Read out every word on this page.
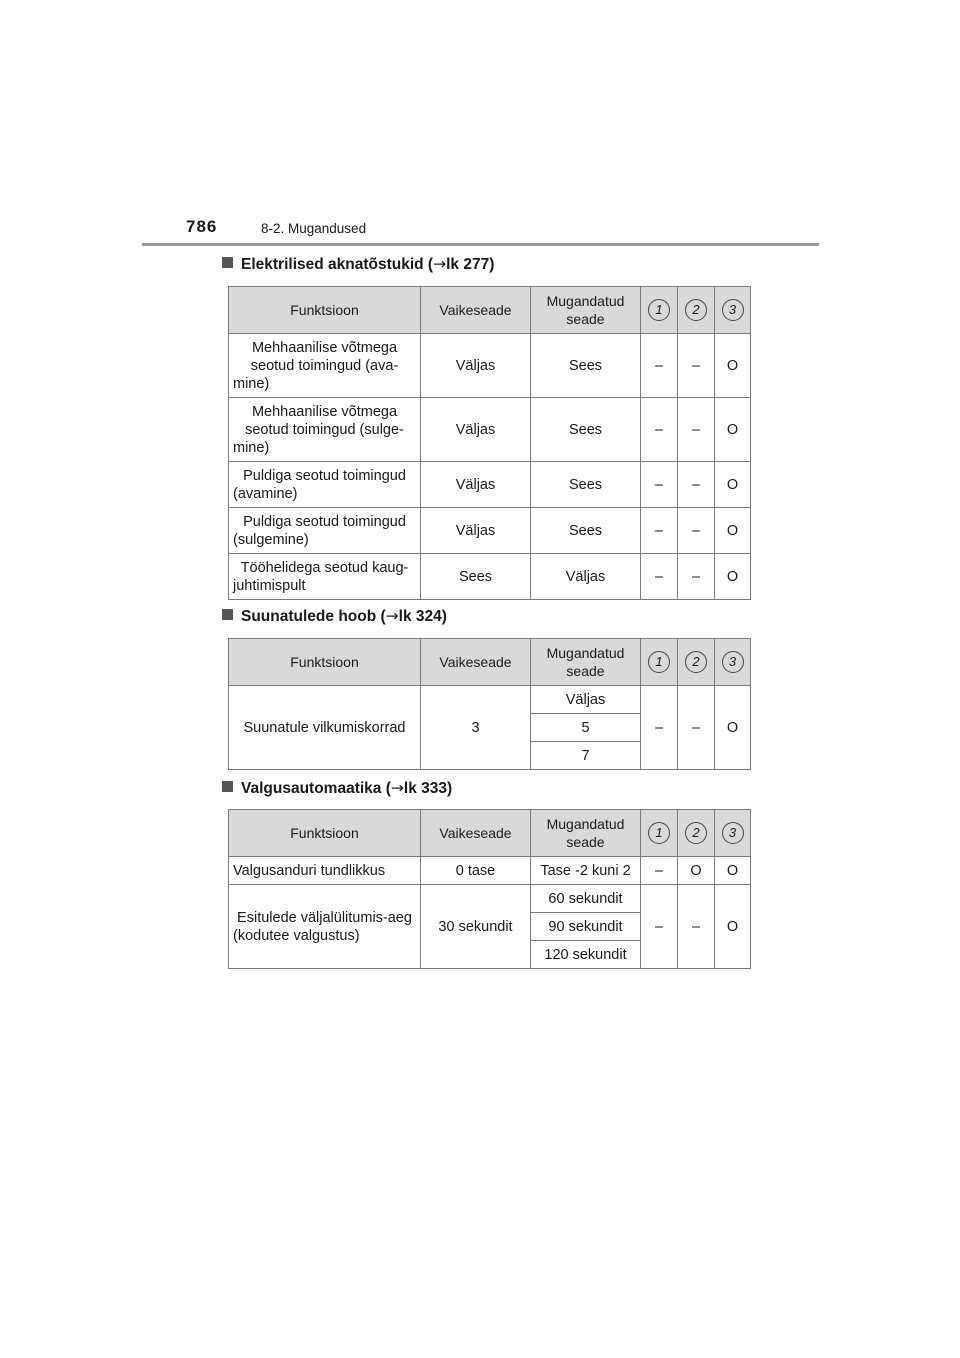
786	8-2. Mugandused
Elektrilised aknatõstukid (→lk 277)
Funktsioon	Vaikeseade	Mugandatud seade	1	2	3
Mehhaanilise võtmega seotud toimingud (ava-mine)	Väljas	Sees	–	–	O
Mehhaanilise võtmega seotud toimingud (sulge-mine)	Väljas	Sees	–	–	O
Puldiga seotud toimingud (avamine)	Väljas	Sees	–	–	O
Puldiga seotud toimingud (sulgemine)	Väljas	Sees	–	–	O
Tööhelidega seotud kaug-juhtimispult	Sees	Väljas	–	–	O
Suunatulede hoob (→lk 324)
Funktsioon	Vaikeseade	Mugandatud seade	1	2	3
Suunatule vilkumiskorrad	3	Väljas	–	–	O
		5			
		7			
Valgusautomaatika (→lk 333)
Funktsioon	Vaikeseade	Mugandatud seade	1	2	3
Valgusanduri tundlikkus	0 tase	Tase -2 kuni 2	–	O	O
Esitulede väljalülitumis-aeg (kodutee valgustus)	30 sekundit	60 sekundit	–	–	O
		90 sekundit			
		120 sekundit			
